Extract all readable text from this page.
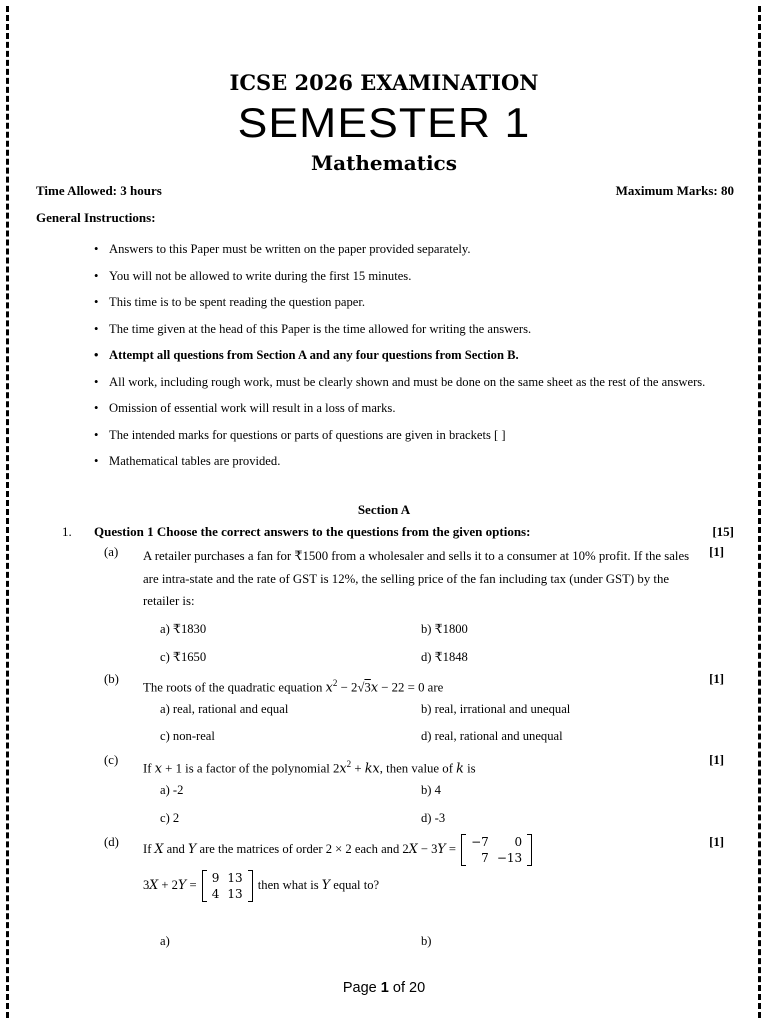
ICSE 2026 EXAMINATION
SEMESTER 1
Mathematics
Time Allowed: 3 hours	Maximum Marks: 80
General Instructions:
• Answers to this Paper must be written on the paper provided separately.
• You will not be allowed to write during the first 15 minutes.
• This time is to be spent reading the question paper.
• The time given at the head of this Paper is the time allowed for writing the answers.
• Attempt all questions from Section A and any four questions from Section B.
• All work, including rough work, must be clearly shown and must be done on the same sheet as the rest of the answers.
• Omission of essential work will result in a loss of marks.
• The intended marks for questions or parts of questions are given in brackets [ ]
• Mathematical tables are provided.
Section A
1. Question 1 Choose the correct answers to the questions from the given options:	[15]
(a) A retailer purchases a fan for ₹1500 from a wholesaler and sells it to a consumer at 10% profit. If the sales are intra-state and the rate of GST is 12%, the selling price of the fan including tax (under GST) by the retailer is:
[1]
a) ₹1830	b) ₹1800
c) ₹1650	d) ₹1848
(b)
The roots of the quadratic equation $x^2 - 2√3x - 22 = 0$ are
[1]
a) real, rational and equal	b) real, irrational and unequal
c) non-real	d) real, rational and unequal
(c)
If x + 1 is a factor of the polynomial $2x^2$ + kx, then value of k is
[1]
a) -2	b) 4
c) 2	d) -3
(d)	[1]
If X and Y are the matrices of order 2 × 2 each and 2X − 3Y = −7	0
7	−13
3X + 2Y = 9	13
4	13
then what is Y equal to?
a)	b)
Page 1 of 20
